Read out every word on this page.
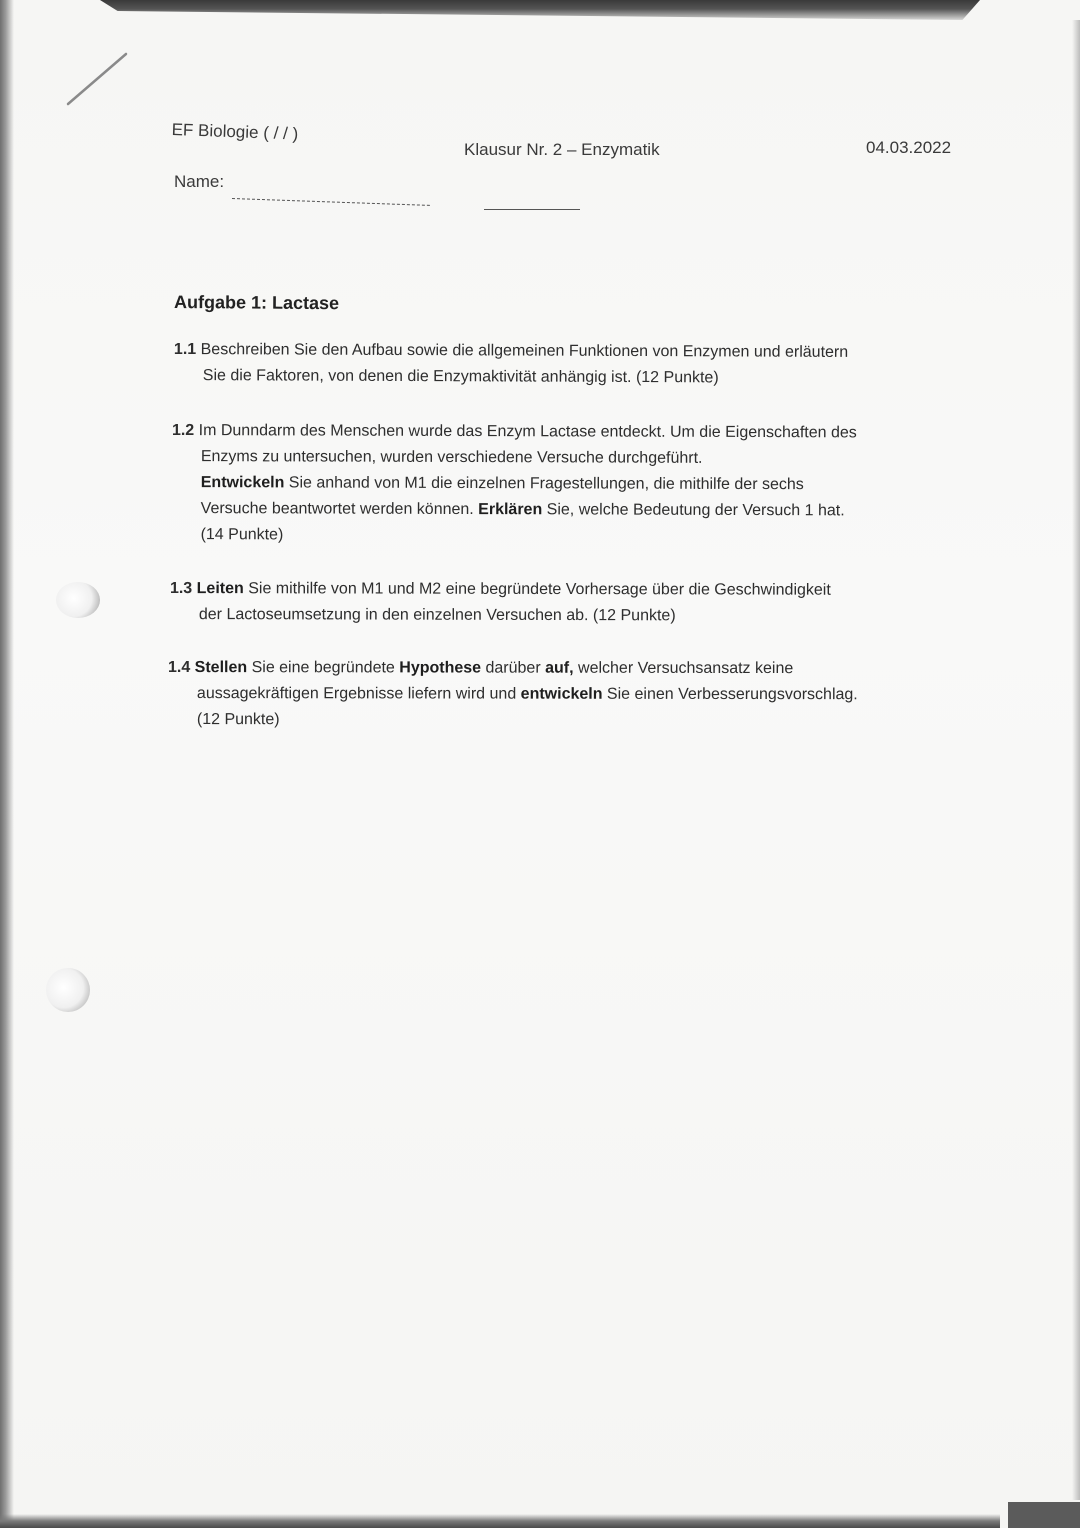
EF Biologie ( / / )
Klausur Nr. 2 – Enzymatik	04.03.2022
Name:
Aufgabe 1: Lactase
1.1 Beschreiben Sie den Aufbau sowie die allgemeinen Funktionen von Enzymen und erläutern
Sie die Faktoren, von denen die Enzymaktivität anhängig ist. (12 Punkte)
1.2 Im Dunndarm des Menschen wurde das Enzym Lactase entdeckt. Um die Eigenschaften des
Enzyms zu untersuchen, wurden verschiedene Versuche durchgeführt.
Entwickeln Sie anhand von M1 die einzelnen Fragestellungen, die mithilfe der sechs
Versuche beantwortet werden können. Erklären Sie, welche Bedeutung der Versuch 1 hat.
(14 Punkte)
1.3 Leiten Sie mithilfe von M1 und M2 eine begründete Vorhersage über die Geschwindigkeit
der Lactoseumsetzung in den einzelnen Versuchen ab. (12 Punkte)
1.4 Stellen Sie eine begründete Hypothese darüber auf, welcher Versuchsansatz keine
aussagekräftigen Ergebnisse liefern wird und entwickeln Sie einen Verbesserungsvorschlag.
(12 Punkte)
